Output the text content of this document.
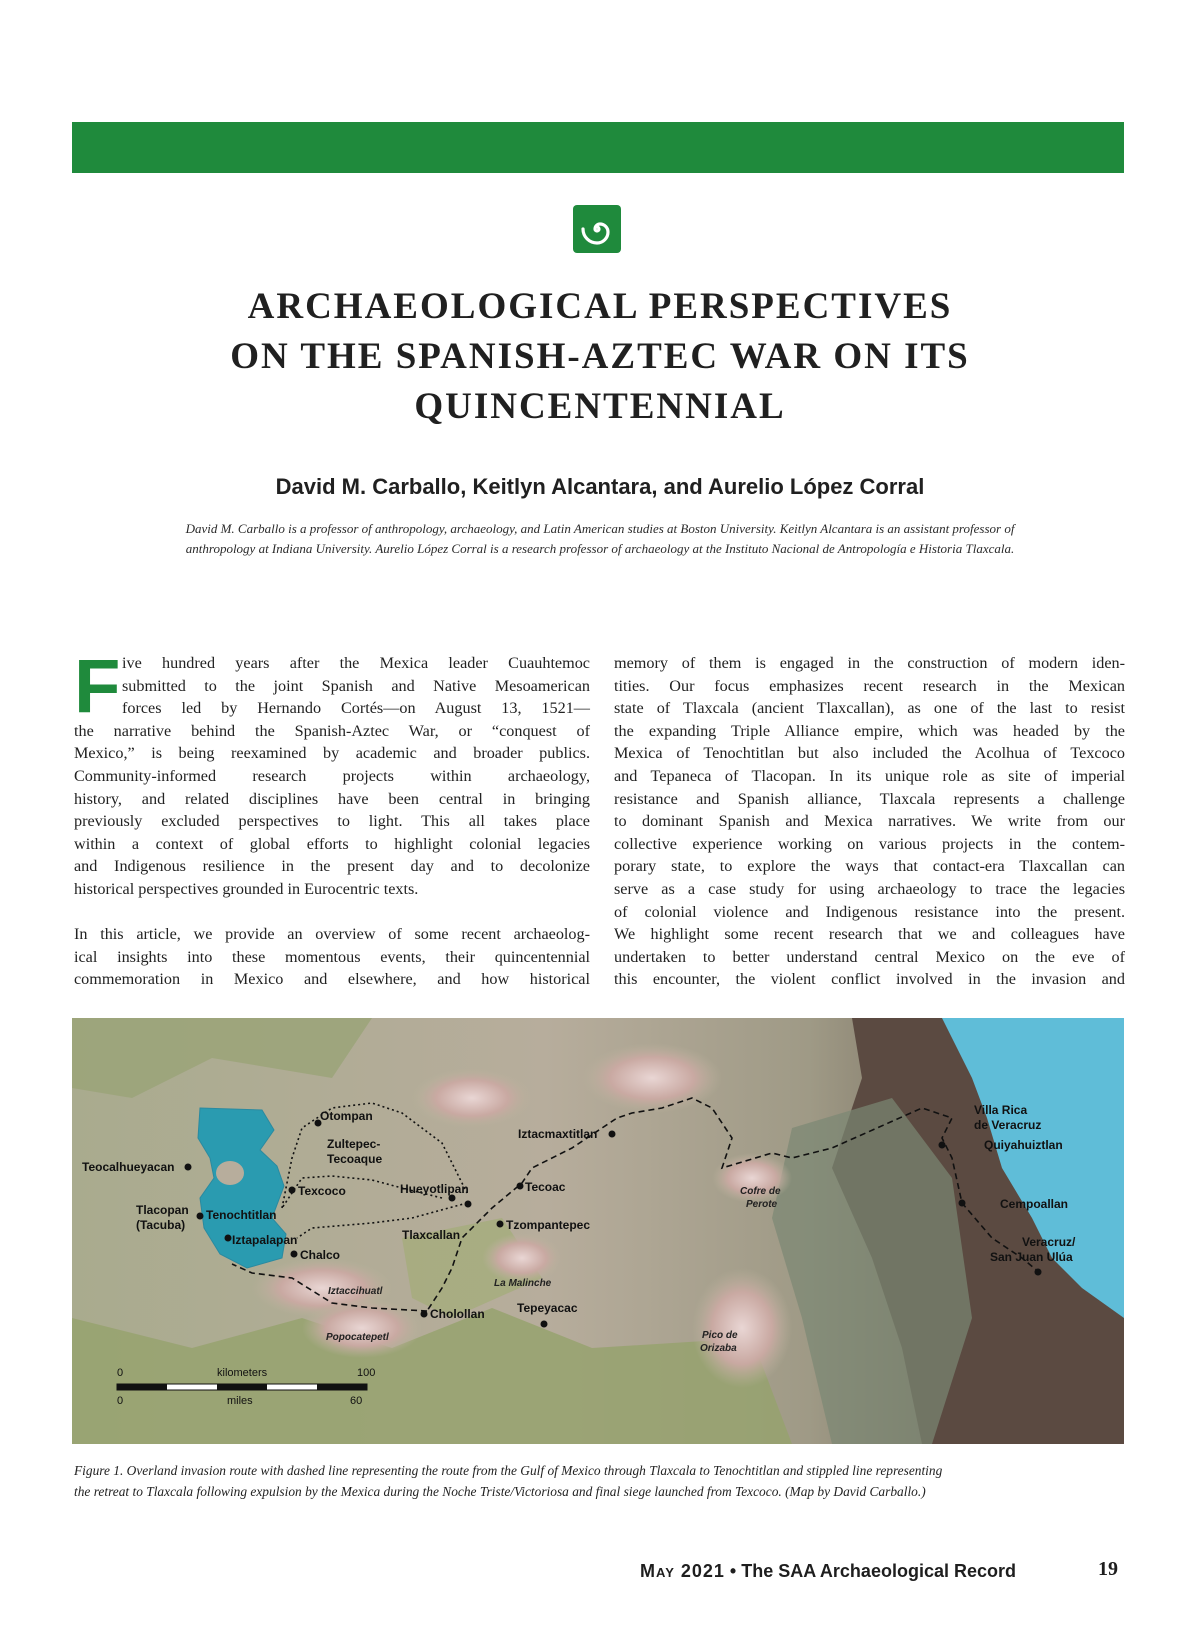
ARCHAEOLOGICAL PERSPECTIVES
ON THE SPANISH-AZTEC WAR ON ITS
QUINCENTENNIAL
David M. Carballo, Keitlyn Alcantara, and Aurelio López Corral
David M. Carballo is a professor of anthropology, archaeology, and Latin American studies at Boston University. Keitlyn Alcantara is an assistant professor of
anthropology at Indiana University. Aurelio López Corral is a research professor of archaeology at the Instituto Nacional de Antropología e Historia Tlaxcala.
F ive hundred years after the Mexica leader Cuauhtemoc
submitted to the joint Spanish and Native Mesoamerican
forces led by Hernando Cortés—on August 13, 1521—
the narrative behind the Spanish-Aztec War, or “conquest of
Mexico,” is being reexamined by academic and broader publics.
Community-informed research projects within archaeology,
history, and related disciplines have been central in bringing
previously excluded perspectives to light. This all takes place
within a context of global efforts to highlight colonial legacies
and Indigenous resilience in the present day and to decolonize
historical perspectives grounded in Eurocentric texts.
In this article, we provide an overview of some recent archaeolog-
ical insights into these momentous events, their quincentennial
commemoration in Mexico and elsewhere, and how historical
memory of them is engaged in the construction of modern iden-
tities. Our focus emphasizes recent research in the Mexican
state of Tlaxcala (ancient Tlaxcallan), as one of the last to resist
the expanding Triple Alliance empire, which was headed by the
Mexica of Tenochtitlan but also included the Acolhua of Texcoco
and Tepaneca of Tlacopan. In its unique role as site of imperial
resistance and Spanish alliance, Tlaxcala represents a challenge
to dominant Spanish and Mexica narratives. We write from our
collective experience working on various projects in the contem-
porary state, to explore the ways that contact-era Tlaxcallan can
serve as a case study for using archaeology to trace the legacies
of colonial violence and Indigenous resistance into the present.
We highlight some recent research that we and colleagues have
undertaken to better understand central Mexico on the eve of
this encounter, the violent conflict involved in the invasion and
0	kilometers	100
0	miles	60
Otompan
Zultepec-
Tecoaque
Teocalhueyacan
Texcoco	Hueyotlipan
Tlacopan
(Tacuba)
Tenochtitlan
Iztapalapan
Chalco
Tlaxcallan
Tzompantepec
Tecoac
Iztacmaxtitlan
Cholollan	Tepeyacac
Villa Rica
de Veracruz
Quiyahuiztlan
Cempoallan
Veracruz/
San Juan Ulúa
Iztaccihuatl
Popocatepetl
La Malinche
Cofre de
Perote
Pico de
Orizaba
Figure 1. Overland invasion route with dashed line representing the route from the Gulf of Mexico through Tlaxcala to Tenochtitlan and stippled line representing
the retreat to Tlaxcala following expulsion by the Mexica during the Noche Triste/Victoriosa and final siege launched from Texcoco. (Map by David Carballo.)
May 2021 • The SAA Archaeological Record	19
